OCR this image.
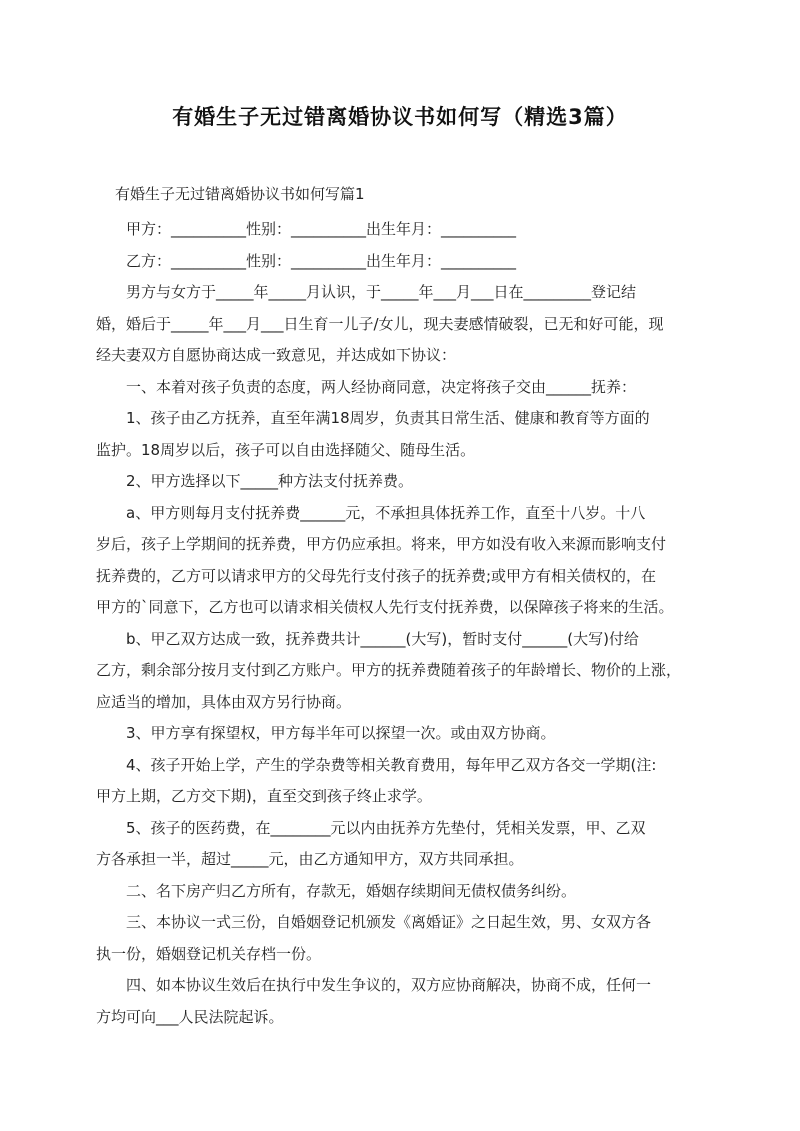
有婚生子无过错离婚协议书如何写（精选3篇）
有婚生子无过错离婚协议书如何写篇1
甲方：__________性别：__________出生年月：__________
乙方：__________性别：__________出生年月：__________
男方与女方于_____年_____月认识，于_____年___月___日在_________登记结
婚，婚后于_____年___月___日生育一儿子/女儿，现夫妻感情破裂，已无和好可能，现
经夫妻双方自愿协商达成一致意见，并达成如下协议：
一、本着对孩子负责的态度，两人经协商同意，决定将孩子交由______抚养：
1、孩子由乙方抚养，直至年满18周岁，负责其日常生活、健康和教育等方面的
监护。18周岁以后，孩子可以自由选择随父、随母生活。
2、甲方选择以下_____种方法支付抚养费。
a、甲方则每月支付抚养费______元，不承担具体抚养工作，直至十八岁。十八
岁后，孩子上学期间的抚养费，甲方仍应承担。将来，甲方如没有收入来源而影响支付
抚养费的，乙方可以请求甲方的父母先行支付孩子的抚养费;或甲方有相关债权的，在
甲方的`同意下，乙方也可以请求相关债权人先行支付抚养费，以保障孩子将来的生活。
b、甲乙双方达成一致，抚养费共计______(大写)，暂时支付______(大写)付给
乙方，剩余部分按月支付到乙方账户。甲方的抚养费随着孩子的年龄增长、物价的上涨，
应适当的增加，具体由双方另行协商。
3、甲方享有探望权，甲方每半年可以探望一次。或由双方协商。
4、孩子开始上学，产生的学杂费等相关教育费用，每年甲乙双方各交一学期(注:
甲方上期，乙方交下期)，直至交到孩子终止求学。
5、孩子的医药费，在________元以内由抚养方先垫付，凭相关发票，甲、乙双
方各承担一半，超过_____元，由乙方通知甲方，双方共同承担。
二、名下房产归乙方所有，存款无，婚姻存续期间无债权债务纠纷。
三、本协议一式三份，自婚姻登记机颁发《离婚证》之日起生效，男、女双方各
执一份，婚姻登记机关存档一份。
四、如本协议生效后在执行中发生争议的，双方应协商解决，协商不成，任何一
方均可向___人民法院起诉。
